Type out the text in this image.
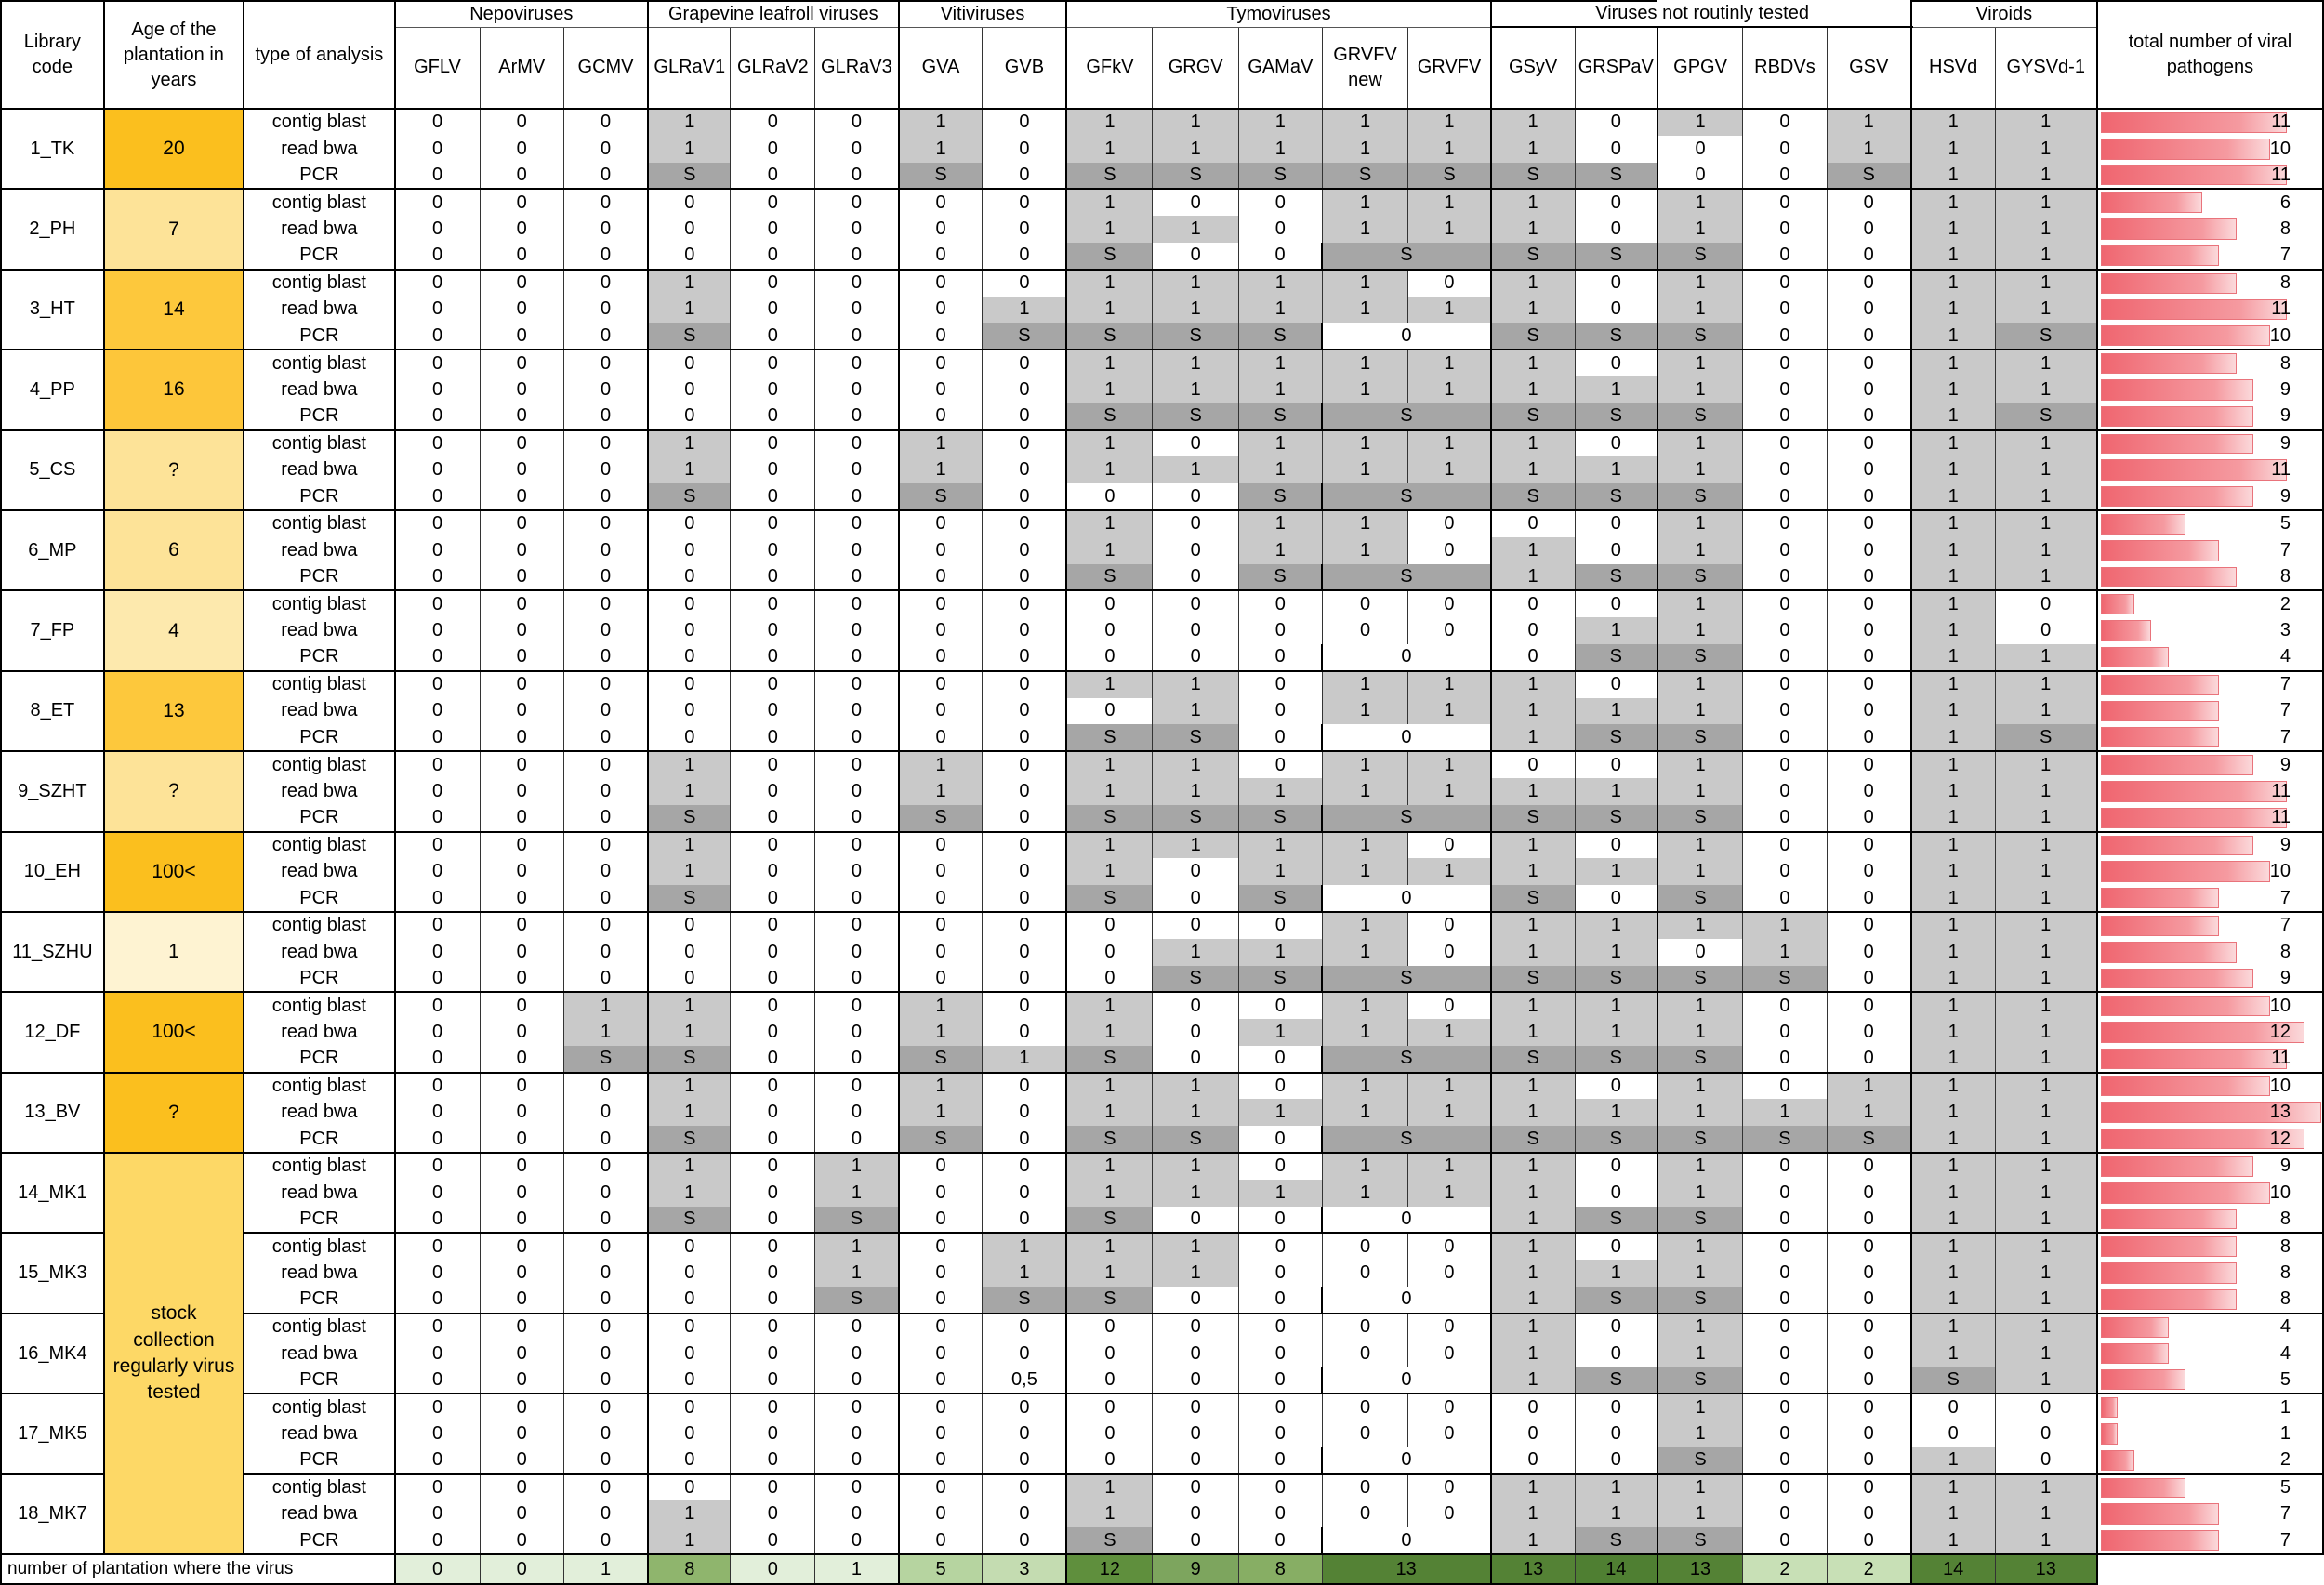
Library code	Age of the plantation in years	type of analysis	Nepoviruses			Grapevine leafroll viruses			Vitiviruses		Tymoviruses					Viruses not routinly tested					Viroids		total number of viral pathogens
			GFLV	ArMV	GCMV	GLRaV1	GLRaV2	GLRaV3	GVA	GVB	GFkV	GRGV	GAMaV	GRVFV new	GRVFV	GSyV	GRSPaV	GPGV	RBDVs	GSV	HSVd	GYSVd-1	
1_TK	20	contig blast	0	0	0	1	0	0	1	0	1	1	1	1	1	1	0	1	0	1	1	1	11

		read bwa	0	0	0	1	0	0	1	0	1	1	1	1	1	1	0	0	0	1	1	1	10

		PCR	0	0	0	S	0	0	S	0	S	S	S	S	S	S	S	0	0	S	1	1	11

2_PH	7	contig blast	0	0	0	0	0	0	0	0	1	0	0	1	1	1	0	1	0	0	1	1	6

		read bwa	0	0	0	0	0	0	0	0	1	1	0	1	1	1	0	1	0	0	1	1	8

		PCR	0	0	0	0	0	0	0	0	S	0	0	S		S	S	S	0	0	1	1	7

3_HT	14	contig blast	0	0	0	1	0	0	0	0	1	1	1	1	0	1	0	1	0	0	1	1	8

		read bwa	0	0	0	1	0	0	0	1	1	1	1	1	1	1	0	1	0	0	1	1	11

		PCR	0	0	0	S	0	0	0	S	S	S	S	0		S	S	S	0	0	1	S	10

4_PP	16	contig blast	0	0	0	0	0	0	0	0	1	1	1	1	1	1	0	1	0	0	1	1	8

		read bwa	0	0	0	0	0	0	0	0	1	1	1	1	1	1	1	1	0	0	1	1	9

		PCR	0	0	0	0	0	0	0	0	S	S	S	S		S	S	S	0	0	1	S	9

5_CS	?	contig blast	0	0	0	1	0	0	1	0	1	0	1	1	1	1	0	1	0	0	1	1	9

		read bwa	0	0	0	1	0	0	1	0	1	1	1	1	1	1	1	1	0	0	1	1	11

		PCR	0	0	0	S	0	0	S	0	0	0	S	S		S	S	S	0	0	1	1	9

6_MP	6	contig blast	0	0	0	0	0	0	0	0	1	0	1	1	0	0	0	1	0	0	1	1	5

		read bwa	0	0	0	0	0	0	0	0	1	0	1	1	0	1	0	1	0	0	1	1	7

		PCR	0	0	0	0	0	0	0	0	S	0	S	S		1	S	S	0	0	1	1	8

7_FP	4	contig blast	0	0	0	0	0	0	0	0	0	0	0	0	0	0	0	1	0	0	1	0	2

		read bwa	0	0	0	0	0	0	0	0	0	0	0	0	0	0	1	1	0	0	1	0	3

		PCR	0	0	0	0	0	0	0	0	0	0	0	0		0	S	S	0	0	1	1	4

8_ET	13	contig blast	0	0	0	0	0	0	0	0	1	1	0	1	1	1	0	1	0	0	1	1	7

		read bwa	0	0	0	0	0	0	0	0	0	1	0	1	1	1	1	1	0	0	1	1	7

		PCR	0	0	0	0	0	0	0	0	S	S	0	0		1	S	S	0	0	1	S	7

9_SZHT	?	contig blast	0	0	0	1	0	0	1	0	1	1	0	1	1	0	0	1	0	0	1	1	9

		read bwa	0	0	0	1	0	0	1	0	1	1	1	1	1	1	1	1	0	0	1	1	11

		PCR	0	0	0	S	0	0	S	0	S	S	S	S		S	S	S	0	0	1	1	11

10_EH	100<	contig blast	0	0	0	1	0	0	0	0	1	1	1	1	0	1	0	1	0	0	1	1	9

		read bwa	0	0	0	1	0	0	0	0	1	0	1	1	1	1	1	1	0	0	1	1	10

		PCR	0	0	0	S	0	0	0	0	S	0	S	0		S	0	S	0	0	1	1	7

11_SZHU	1	contig blast	0	0	0	0	0	0	0	0	0	0	0	1	0	1	1	1	1	0	1	1	7

		read bwa	0	0	0	0	0	0	0	0	0	1	1	1	0	1	1	0	1	0	1	1	8

		PCR	0	0	0	0	0	0	0	0	0	S	S	S		S	S	S	S	0	1	1	9

12_DF	100<	contig blast	0	0	1	1	0	0	1	0	1	0	0	1	0	1	1	1	0	0	1	1	10

		read bwa	0	0	1	1	0	0	1	0	1	0	1	1	1	1	1	1	0	0	1	1	12

		PCR	0	0	S	S	0	0	S	1	S	0	0	S		S	S	S	0	0	1	1	11

13_BV	?	contig blast	0	0	0	1	0	0	1	0	1	1	0	1	1	1	0	1	0	1	1	1	10

		read bwa	0	0	0	1	0	0	1	0	1	1	1	1	1	1	1	1	1	1	1	1	13

		PCR	0	0	0	S	0	0	S	0	S	S	0	S		S	S	S	S	S	1	1	12

14_MK1	stock collection regularly virus tested	contig blast	0	0	0	1	0	1	0	0	1	1	0	1	1	1	0	1	0	0	1	1	9

		read bwa	0	0	0	1	0	1	0	0	1	1	1	1	1	1	0	1	0	0	1	1	10

		PCR	0	0	0	S	0	S	0	0	S	0	0	0		1	S	S	0	0	1	1	8

15_MK3		contig blast	0	0	0	0	0	1	0	1	1	1	0	0	0	1	0	1	0	0	1	1	8

		read bwa	0	0	0	0	0	1	0	1	1	1	0	0	0	1	1	1	0	0	1	1	8

		PCR	0	0	0	0	0	S	0	S	S	0	0	0		1	S	S	0	0	1	1	8

16_MK4		contig blast	0	0	0	0	0	0	0	0	0	0	0	0	0	1	0	1	0	0	1	1	4

		read bwa	0	0	0	0	0	0	0	0	0	0	0	0	0	1	0	1	0	0	1	1	4

		PCR	0	0	0	0	0	0	0	0,5	0	0	0	0		1	S	S	0	0	S	1	5

17_MK5		contig blast	0	0	0	0	0	0	0	0	0	0	0	0	0	0	0	1	0	0	0	0	1

		read bwa	0	0	0	0	0	0	0	0	0	0	0	0	0	0	0	1	0	0	0	0	1

		PCR	0	0	0	0	0	0	0	0	0	0	0	0		0	0	S	0	0	1	0	2

18_MK7		contig blast	0	0	0	0	0	0	0	0	1	0	0	0	0	1	1	1	0	0	1	1	5

		read bwa	0	0	0	1	0	0	0	0	1	0	0	0	0	1	1	1	0	0	1	1	7

		PCR	0	0	0	1	0	0	0	0	S	0	0	0		1	S	S	0	0	1	1	7

number of plantation where the virus			0	0	1	8	0	1	5	3	12	9	8	13		13	14	13	2	2	14	13	
